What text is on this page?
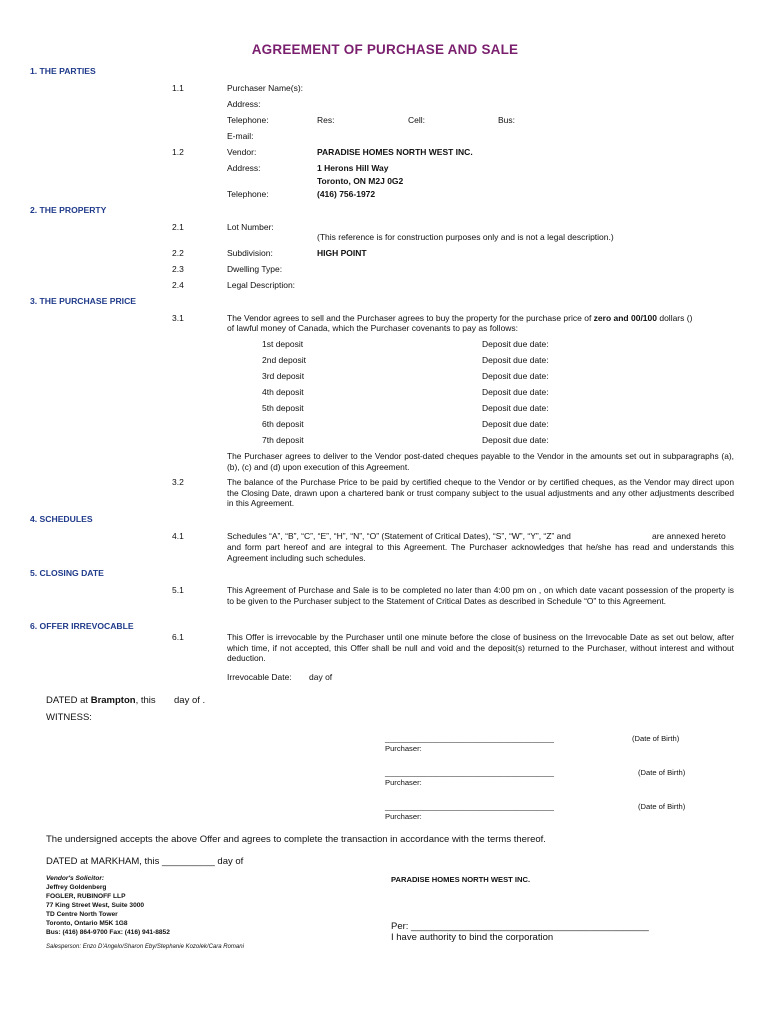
AGREEMENT OF PURCHASE AND SALE
1. THE PARTIES
1.1	Purchaser Name(s):
Address:
Telephone:	Res:	Cell:	Bus:
E-mail:
1.2	Vendor:	PARADISE HOMES NORTH WEST INC.
Address:	1 Herons Hill Way
Toronto, ON M2J 0G2
Telephone:	(416) 756-1972
2. THE PROPERTY
2.1	Lot Number:
(This reference is for construction purposes only and is not a legal description.)
2.2	Subdivision:	HIGH POINT
2.3	Dwelling Type:
2.4	Legal Description:
3. THE PURCHASE PRICE
3.1	The Vendor agrees to sell and the Purchaser agrees to buy the property for the purchase price of zero and 00/100 dollars ()
of lawful money of Canada, which the Purchaser covenants to pay as follows:
1st deposit	Deposit due date:
2nd deposit	Deposit due date:
3rd deposit	Deposit due date:
4th deposit	Deposit due date:
5th deposit	Deposit due date:
6th deposit	Deposit due date:
7th deposit	Deposit due date:
The Purchaser agrees to deliver to the Vendor post-dated cheques payable to the Vendor in the amounts set out in subparagraphs (a), (b), (c) and (d) upon execution of this Agreement.
3.2	The balance of the Purchase Price to be paid by certified cheque to the Vendor or by certified cheques, as the Vendor may direct upon the Closing Date, drawn upon a chartered bank or trust company subject to the usual adjustments and any other adjustments described in this Agreement.
4. SCHEDULES
4.1	Schedules “A”, “B”, “C”, “E”, “H”, “N”, “O” (Statement of Critical Dates), “S”, “W”, “Y”, “Z” and	are annexed hereto
and form part hereof and are integral to this Agreement. The Purchaser acknowledges that he/she has read and understands this Agreement including such schedules.
5. CLOSING DATE
5.1	This Agreement of Purchase and Sale is to be completed no later than 4:00 pm on , on which date vacant possession of the property is to be given to the Purchaser subject to the Statement of Critical Dates as described in Schedule “O” to this Agreement.
6. OFFER IRREVOCABLE
6.1	This Offer is irrevocable by the Purchaser until one minute before the close of business on the Irrevocable Date as set out below, after which time, if not accepted, this Offer shall be null and void and the deposit(s) returned to the Purchaser, without interest and without deduction.
Irrevocable Date: day of
DATED at Brampton, this day of .
WITNESS:
________________________________________	(Date of Birth)
Purchaser:
________________________________________	(Date of Birth)
Purchaser:
________________________________________	(Date of Birth)
Purchaser:
The undersigned accepts the above Offer and agrees to complete the transaction in accordance with the terms thereof.
DATED at MARKHAM, this __________ day of
Vendor's Solicitor:
Jeffrey Goldenberg
FOGLER, RUBINOFF LLP
77 King Street West, Suite 3000
TD Centre North Tower
Toronto, Ontario M5K 1G8
Bus: (416) 864-9700 Fax: (416) 941-8852
Salesperson: Enzo D'Angelo/Sharon Eby/Stephanie Kozolek/Cara Romani
PARADISE HOMES NORTH WEST INC.
Per: _____________________________________________
I have authority to bind the corporation
